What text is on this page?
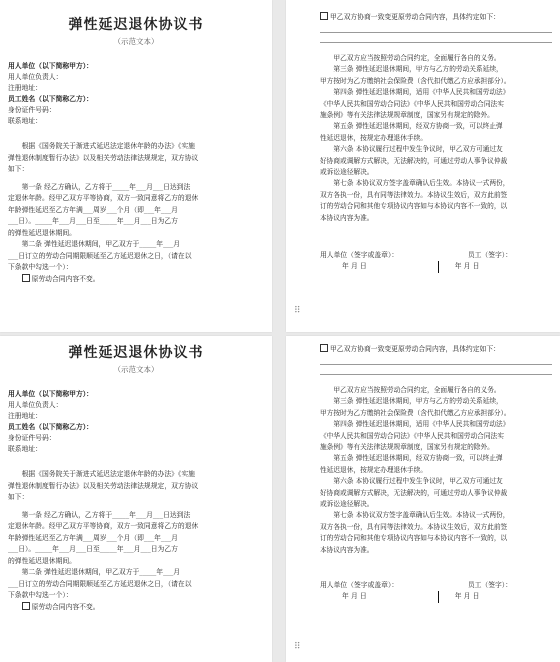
弹性延迟退休协议书
（示范文本）
用人单位（以下简称甲方）：
用人单位负责人：
注册地址：
员工姓名（以下简称乙方）：
身份证件号码：
联系地址：
根据《国务院关于渐进式延迟法定退休年龄的办法》《实施
弹性退休制度暂行办法》以及相关劳动法律法规规定，双方协议
如下：
第一条 经乙方确认，乙方将于_____年___月___日达到法
定退休年龄。经甲乙双方平等协商，双方一致同意将乙方的退休
年龄弹性延迟至乙方年满___周岁___个月（即___年___月
___日）。_____年___月___日至_____年___月___日为乙方
的弹性延迟退休期间。
第二条 弹性延迟退休期间，甲乙双方于_____年___月
___日订立的劳动合同期限顺延至乙方延迟退休之日，（请在以
下条款中勾选一个）：
原劳动合同内容不变。
甲乙双方协商一致变更原劳动合同内容，具体约定如下：
甲乙双方应当按照劳动合同约定，全面履行各自的义务。
第三条 弹性延迟退休期间，甲方与乙方的劳动关系延续，
甲方按时为乙方缴纳社会保险费（含代扣代缴乙方应承担部分）。
第四条 弹性延迟退休期间，适用《中华人民共和国劳动法》
《中华人民共和国劳动合同法》《中华人民共和国劳动合同法实
施条例》等有关法律法规规章制度，国家另有规定的除外。
第五条 弹性延迟退休期间，经双方协商一致，可以终止弹
性延迟退休，按规定办理退休手续。
第六条 本协议履行过程中发生争议时，甲乙双方可通过友
好协商或调解方式解决，无法解决的，可通过劳动人事争议仲裁
或诉讼途径解决。
第七条 本协议双方签字盖章确认后生效。本协议一式两份，
双方各执一份，具有同等法律效力。本协议生效后，双方此前签
订的劳动合同和其他专项协议内容如与本协议内容不一致的，以
本协议内容为准。
用人单位（签字或盖章）：	员工（签字）：
年 月 日	年 月 日
⠿
弹性延迟退休协议书
（示范文本）
用人单位（以下简称甲方）：
用人单位负责人：
注册地址：
员工姓名（以下简称乙方）：
身份证件号码：
联系地址：
根据《国务院关于渐进式延迟法定退休年龄的办法》《实施
弹性退休制度暂行办法》以及相关劳动法律法规规定，双方协议
如下：
第一条 经乙方确认，乙方将于_____年___月___日达到法
定退休年龄。经甲乙双方平等协商，双方一致同意将乙方的退休
年龄弹性延迟至乙方年满___周岁___个月（即___年___月
___日）。_____年___月___日至_____年___月___日为乙方
的弹性延迟退休期间。
第二条 弹性延迟退休期间，甲乙双方于_____年___月
___日订立的劳动合同期限顺延至乙方延迟退休之日，（请在以
下条款中勾选一个）：
原劳动合同内容不变。
甲乙双方协商一致变更原劳动合同内容，具体约定如下：
甲乙双方应当按照劳动合同约定，全面履行各自的义务。
第三条 弹性延迟退休期间，甲方与乙方的劳动关系延续，
甲方按时为乙方缴纳社会保险费（含代扣代缴乙方应承担部分）。
第四条 弹性延迟退休期间，适用《中华人民共和国劳动法》
《中华人民共和国劳动合同法》《中华人民共和国劳动合同法实
施条例》等有关法律法规规章制度，国家另有规定的除外。
第五条 弹性延迟退休期间，经双方协商一致，可以终止弹
性延迟退休，按规定办理退休手续。
第六条 本协议履行过程中发生争议时，甲乙双方可通过友
好协商或调解方式解决，无法解决的，可通过劳动人事争议仲裁
或诉讼途径解决。
第七条 本协议双方签字盖章确认后生效。本协议一式两份，
双方各执一份，具有同等法律效力。本协议生效后，双方此前签
订的劳动合同和其他专项协议内容如与本协议内容不一致的，以
本协议内容为准。
用人单位（签字或盖章）：	员工（签字）：
年 月 日	年 月 日
⠿
